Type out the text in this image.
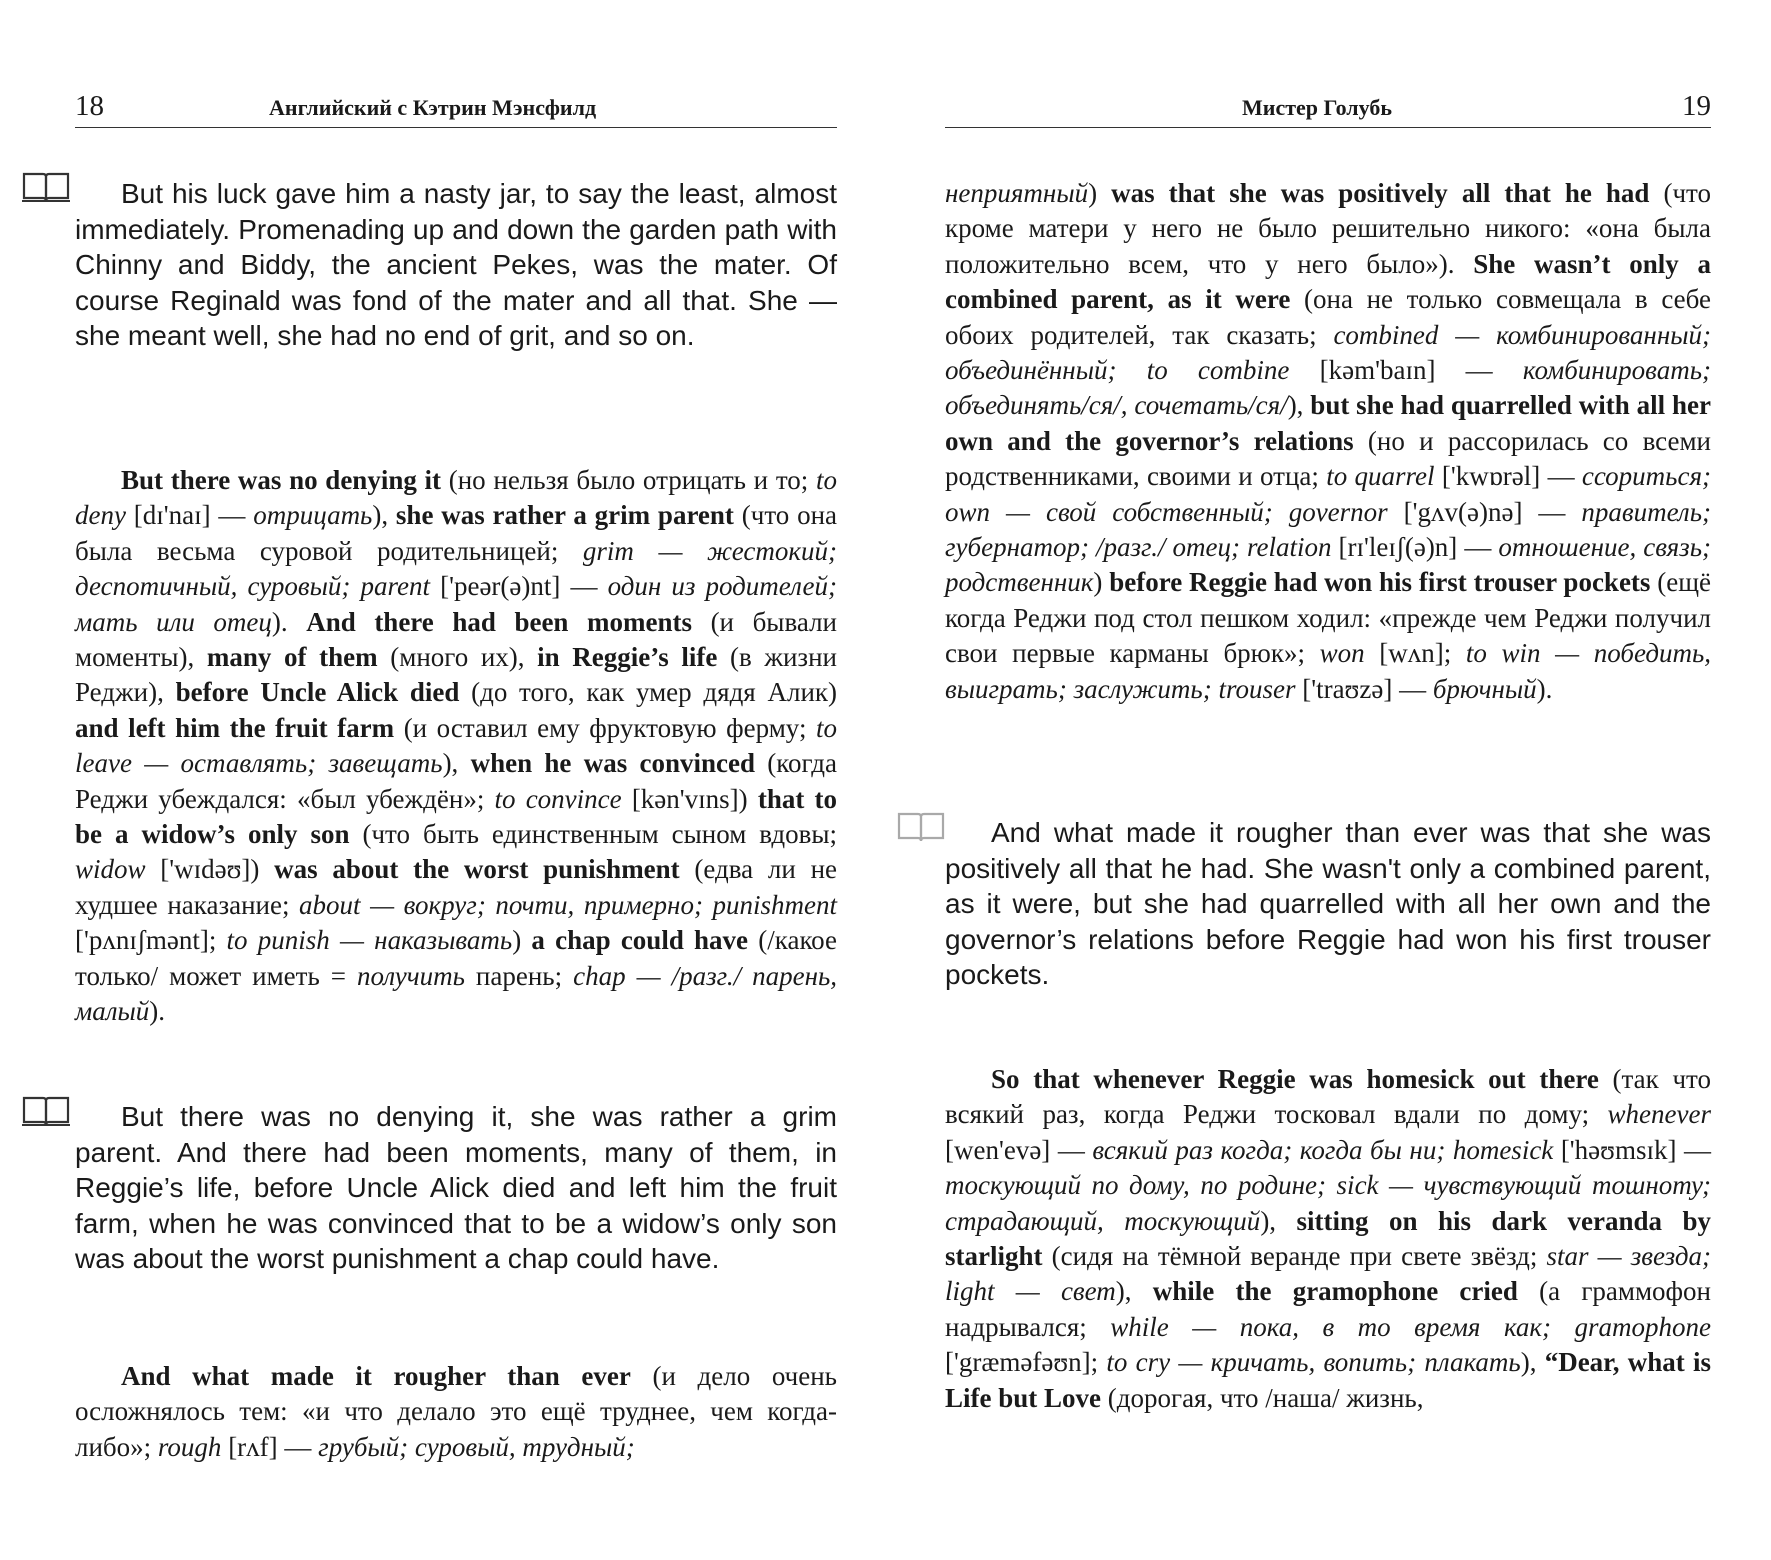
18	Английский с Кэтрин Мэнсфилд

But his luck gave him a nasty jar, to say the least, almost immediately. Promenading up and down the garden path with Chinny and Biddy, the ancient Pekes, was the mater. Of course Reginald was fond of the mater and all that. She — she meant well, she had no end of grit, and so on.

But there was no denying it (но нельзя было отрицать и то; to deny [dɪ'naɪ] — отрицать), she was rather a grim parent (что она была весьма суровой родительницей; grim — жестокий; деспотичный, суровый; parent ['peər(ə)nt] — один из родителей; мать или отец). And there had been moments (и бывали моменты), many of them (много их), in Reggie’s life (в жизни Реджи), before Uncle Alick died (до того, как умер дядя Алик) and left him the fruit farm (и оставил ему фруктовую ферму; to leave — оставлять; завещать), when he was convinced (когда Реджи убеждался: «был убеждён»; to convince [kən'vɪns]) that to be a widow’s only son (что быть единственным сыном вдовы; widow ['wɪdəʊ]) was about the worst punishment (едва ли не худшее наказание; about — вокруг; почти, примерно; punishment ['pʌnɪʃmənt]; to punish — наказывать) a chap could have (/какое только/ может иметь = получить парень; chap — /разг./ парень, малый).

But there was no denying it, she was rather a grim parent. And there had been moments, many of them, in Reggie’s life, before Uncle Alick died and left him the fruit farm, when he was convinced that to be a widow’s only son was about the worst punishment a chap could have.

And what made it rougher than ever (и дело очень осложнялось тем: «и что делало это ещё труднее, чем когда-либо»; rough [rʌf] — грубый; суровый, трудный;

Мистер Голубь	19

неприятный) was that she was positively all that he had (что кроме матери у него не было решительно никого: «она была положительно всем, что у него было»). She wasn’t only a combined parent, as it were (она не только совмещала в себе обоих родителей, так сказать; combined — комбинированный; объединённый; to combine [kəm'baɪn] — комбинировать; объединять/ся/, сочетать/ся/), but she had quarrelled with all her own and the governor’s relations (но и рассорилась со всеми родственниками, своими и отца; to quarrel ['kwɒrəl] — ссориться; own — свой собственный; governor ['gʌv(ə)nə] — правитель; губернатор; /разг./ отец; relation [rɪ'leɪʃ(ə)n] — отношение, связь; родственник) before Reggie had won his first trouser pockets (ещё когда Реджи под стол пешком ходил: «прежде чем Реджи получил свои первые карманы брюк»; won [wʌn]; to win — победить, выиграть; заслужить; trouser ['traʊzə] — брючный).

And what made it rougher than ever was that she was positively all that he had. She wasn't only a combined parent, as it were, but she had quarrelled with all her own and the governor’s relations before Reggie had won his first trouser pockets.

So that whenever Reggie was homesick out there (так что всякий раз, когда Реджи тосковал вдали по дому; whenever [wen'evə] — всякий раз когда; когда бы ни; homesick ['həʊmsɪk] — тоскующий по дому, по родине; sick — чувствующий тошноту; страдающий, тоскующий), sitting on his dark veranda by starlight (сидя на тёмной веранде при свете звёзд; star — звезда; light — свет), while the gramophone cried (а граммофон надрывался; while — пока, в то время как; gramophone ['græməfəʊn]; to cry — кричать, вопить; плакать), “Dear, what is Life but Love (дорогая, что /наша/ жизнь,
